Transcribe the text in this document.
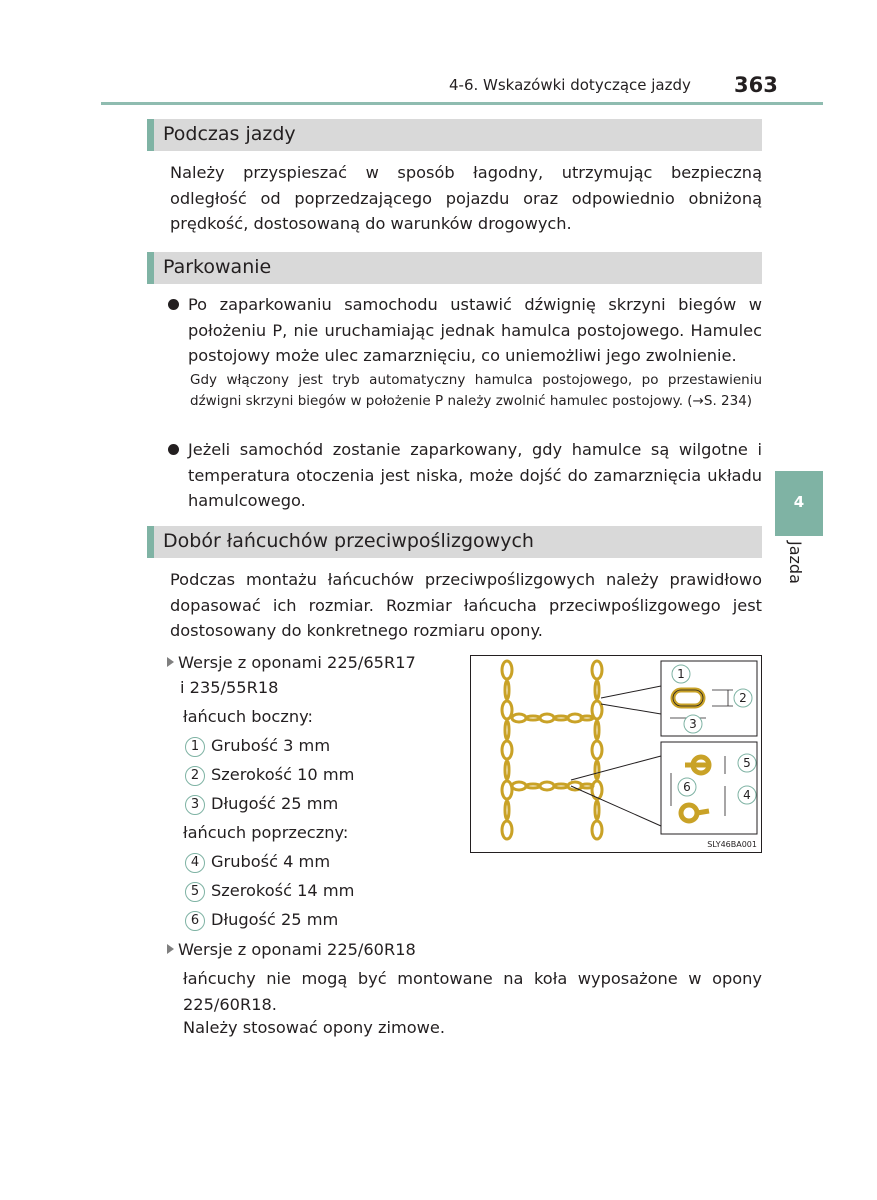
4-6. Wskazówki dotyczące jazdy 363
4
Jazda
Podczas jazdy
Należy przyspieszać w sposób łagodny, utrzymując bezpieczną odległość od poprzedzającego pojazdu oraz odpowiednio obniżoną prędkość, dostosowaną do warunków drogowych.
Parkowanie
Po zaparkowaniu samochodu ustawić dźwignię skrzyni biegów w położeniu P, nie uruchamiając jednak hamulca postojowego. Hamulec postojowy może ulec zamarznięciu, co uniemożliwi jego zwolnienie.
Gdy włączony jest tryb automatyczny hamulca postojowego, po przestawieniu dźwigni skrzyni biegów w położenie P należy zwolnić hamulec postojowy. (→S. 234)
Jeżeli samochód zostanie zaparkowany, gdy hamulce są wilgotne i temperatura otoczenia jest niska, może dojść do zamarznięcia układu hamulcowego.
Dobór łańcuchów przeciwpoślizgowych
Podczas montażu łańcuchów przeciwpoślizgowych należy prawidłowo dopasować ich rozmiar. Rozmiar łańcucha przeciwpoślizgowego jest dostosowany do konkretnego rozmiaru opony.
Wersje z oponami 225/65R17
i 235/55R18
łańcuch boczny:
1 Grubość 3 mm
2 Szerokość 10 mm
3 Długość 25 mm
łańcuch poprzeczny:
4 Grubość 4 mm
5 Szerokość 14 mm
6 Długość 25 mm
Wersje z oponami 225/60R18
łańcuchy nie mogą być montowane na koła wyposażone w opony 225/60R18.
Należy stosować opony zimowe.
1
2
3
5
6
4
SLY46BA001
